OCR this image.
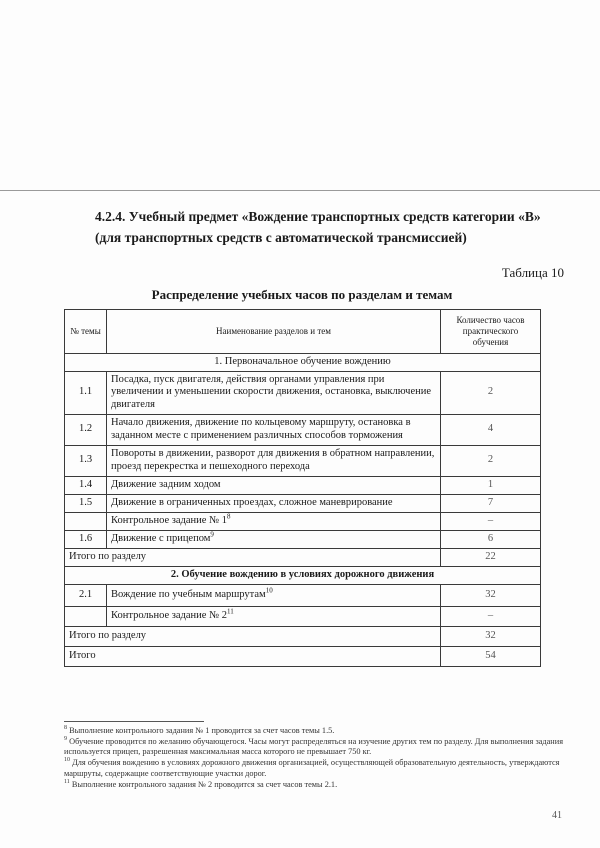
4.2.4. Учебный предмет «Вождение транспортных средств категории «В»
(для транспортных средств с автоматической трансмиссией)
Таблица 10
Распределение учебных часов по разделам и темам
№ темы	Наименование разделов и тем	Количество часов практического обучения
1. Первоначальное обучение вождению		
1.1	Посадка, пуск двигателя, действия органами управления при увеличении и уменьшении скорости движения, остановка, выключение двигателя	2
1.2	Начало движения, движение по кольцевому маршруту, остановка в заданном месте с применением различных способов торможения	4
1.3	Повороты в движении, разворот для движения в обратном направлении, проезд перекрестка и пешеходного перехода	2
1.4	Движение задним ходом	1
1.5	Движение в ограниченных проездах, сложное маневрирование	7
	Контрольное задание № $1^8$	–
1.6	Движение с прицепом$^9$	6
Итого по разделу		22
2. Обучение вождению в условиях дорожного движения		
2.1	Вождение по учебным маршрутам$^{10}$	32
	Контрольное задание № $2^{11}$	–
Итого по разделу		32
Итого		54

$^8$ Выполнение контрольного задания № 1 проводится за счет часов темы 1.5.

$^9$ Обучение проводится по желанию обучающегося. Часы могут распределяться на изучение других тем по разделу. Для выполнения задания используется прицеп, разрешенная максимальная масса которого не превышает 750 кг.

$^{10}$ Для обучения вождению в условиях дорожного движения организацией, осуществляющей образовательную деятельность, утверждаются маршруты, содержащие соответствующие участки дорог.

$^{11}$ Выполнение контрольного задания № 2 проводится за счет часов темы 2.1.

41
